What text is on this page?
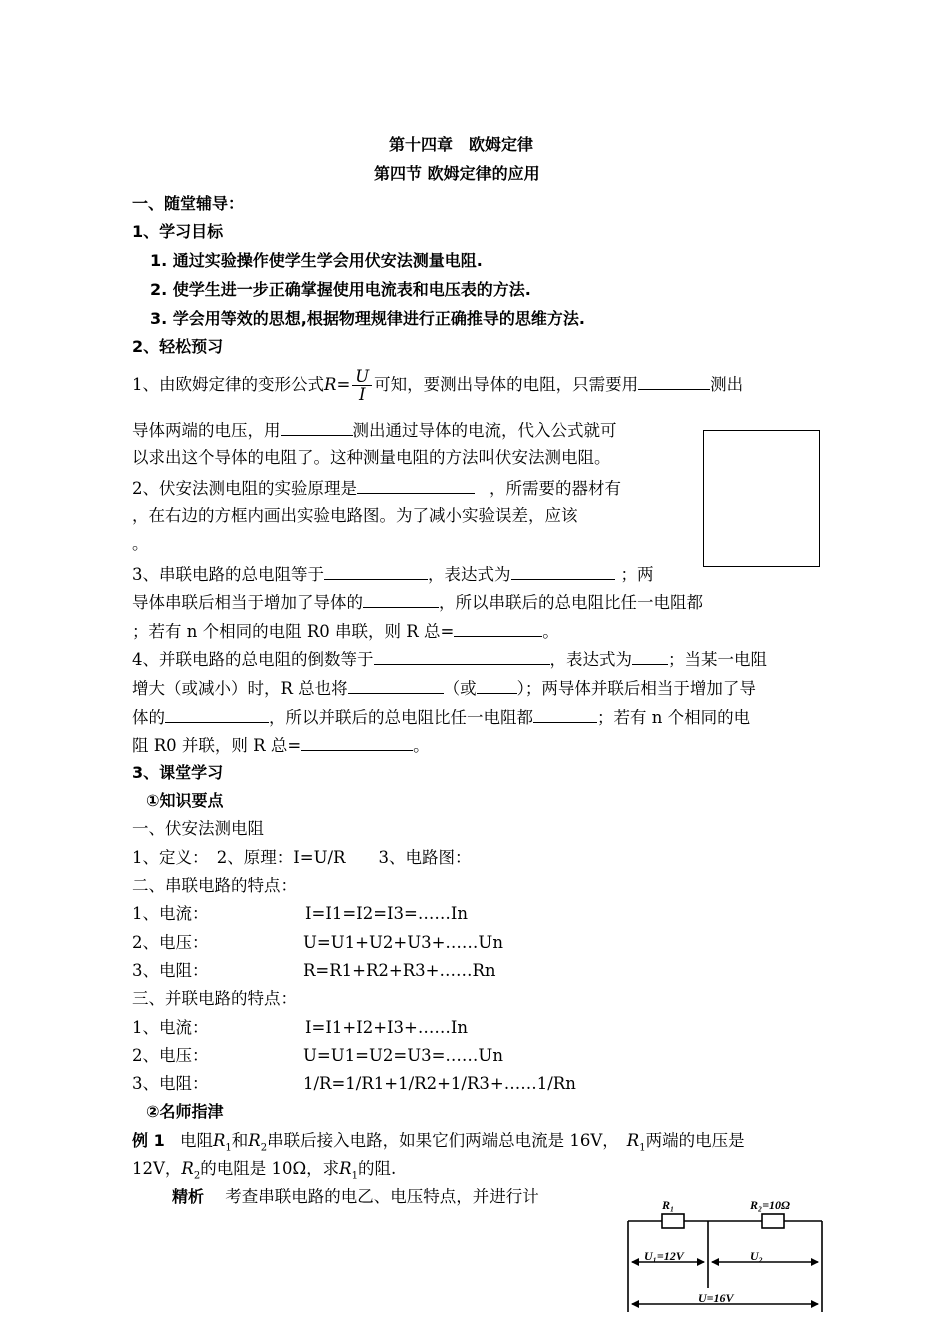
第十四章　欧姆定律
第四节 欧姆定律的应用
一、随堂辅导：
1、学习目标
1. 通过实验操作使学生学会用伏安法测量电阻.
2. 使学生进一步正确掌握使用电流表和电压表的方法.
3. 学会用等效的思想,根据物理规律进行正确推导的思维方法.
2、轻松预习
1、由欧姆定律的变形公式$R= \frac{U}{I}$ 可知，要测出导体的电阻，只需要用	测出
导体两端的电压，用	测出通过导体的电流，代入公式就可
以求出这个导体的电阻了。这种测量电阻的方法叫伏安法测电阻。
2、伏安法测电阻的实验原理是	，所需要的器材有
，在右边的方框内画出实验电路图。为了减小实验误差，应该
。
3、串联电路的总电阻等于	，表达式为	；两
导体串联后相当于增加了导体的	，所以串联后的总电阻比任一电阻都
；若有 n 个相同的电阻 R0 串联，则 R 总=	。
4、并联电路的总电阻的倒数等于	，表达式为 ；当某一电阻
增大（或减小）时，R 总也将	（或 ）；两导体并联后相当于增加了导
体的	，所以并联后的总电阻比任一电阻都	；若有 n 个相同的电
阻 R0 并联，则 R 总=	。
3、课堂学习
①知识要点
一、伏安法测电阻
1、定义：　2、原理：I=U/R　　3、电路图：
二、串联电路的特点：
1、电流：	I=I1=I2=I3=……In
2、电压：	U=U1+U2+U3+……Un
3、电阻：	R=R1+R2+R3+……Rn
三、并联电路的特点：
1、电流：	I=I1+I2+I3+……In
2、电压：	U=U1=U2=U3=……Un
3、电阻：	1/R=1/R1+1/R2+1/R3+……1/Rn
②名师指津
例 1 电阻$R_1$和$R_2$串联后接入电路，如果它们两端总电流是 16V， $R_1$两端的电压是
12V，$R_2$的电阻是 10Ω，求$R_1$的阻.
精析 考查串联电路的电乙、电压特点，并进行计	R₁	R₂=10Ω
U₁=12V	U₂
U=16V
